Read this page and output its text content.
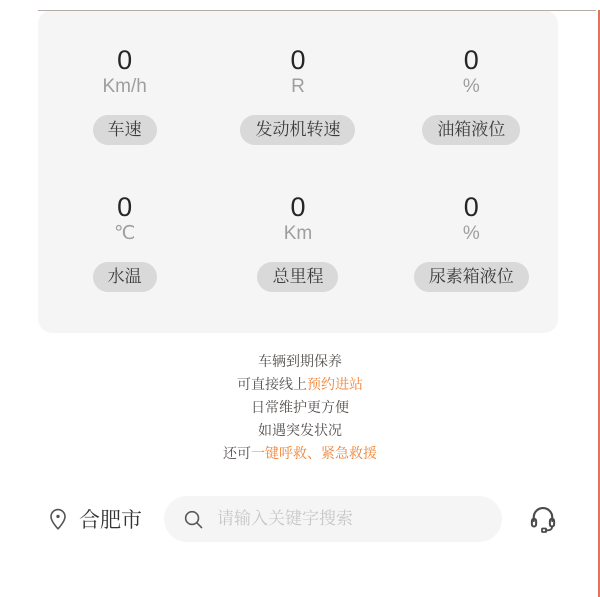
0
Km/h
车速
0
R
发动机转速
0
%
油箱液位
0
℃
水温
0
Km
总里程
0
%
尿素箱液位
车辆到期保养
可直接线上预约进站
日常维护更方便
如遇突发状况
还可一键呼救、紧急救援
合肥市
请输入关键字搜索
